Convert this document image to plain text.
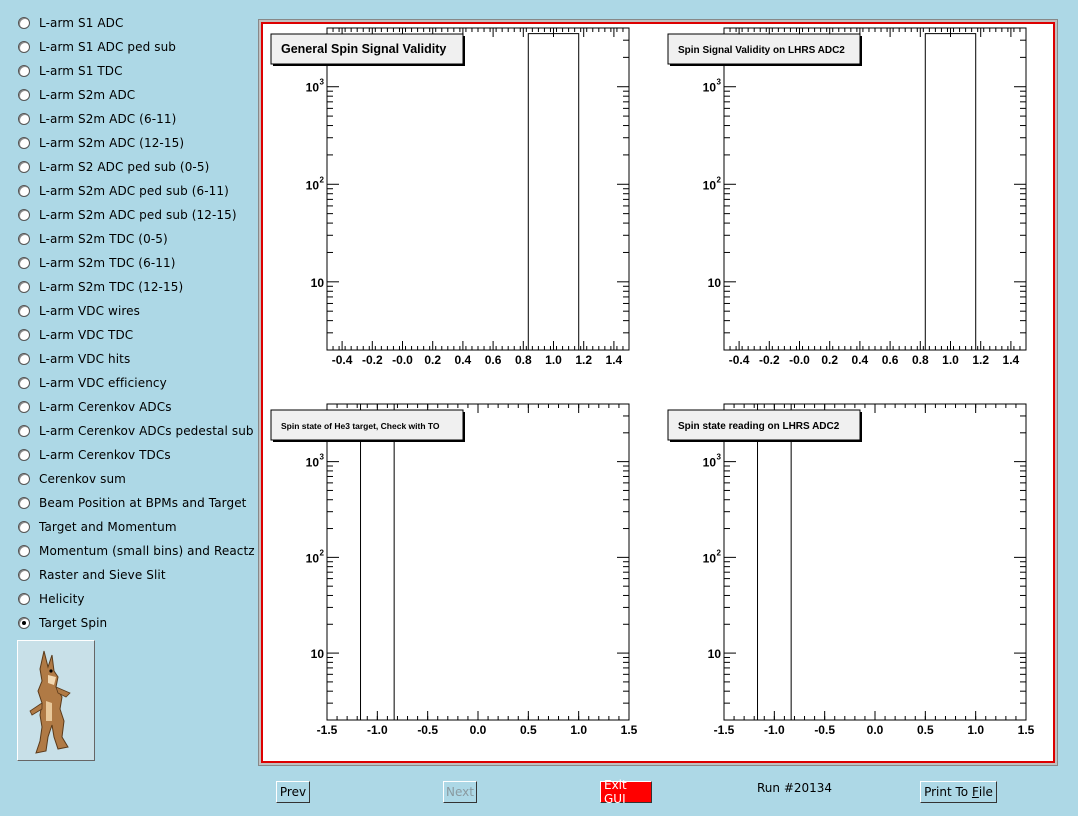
L-arm S1 ADC
L-arm S1 ADC ped sub
L-arm S1 TDC
L-arm S2m ADC
L-arm S2m ADC (6-11)
L-arm S2m ADC (12-15)
L-arm S2 ADC ped sub (0-5)
L-arm S2m ADC ped sub (6-11)
L-arm S2m ADC ped sub (12-15)
L-arm S2m TDC (0-5)
L-arm S2m TDC (6-11)
L-arm S2m TDC (12-15)
L-arm VDC wires
L-arm VDC TDC
L-arm VDC hits
L-arm VDC efficiency
L-arm Cerenkov ADCs
L-arm Cerenkov ADCs pedestal sub
L-arm Cerenkov TDCs
Cerenkov sum
Beam Position at BPMs and Target
Target and Momentum
Momentum (small bins) and Reactz
Raster and Sieve Slit
Helicity
Target Spin
-0.4 -0.2 -0.0 0.2 0.4 0.6 0.8 1.0 1.2 1.4
10
10 2
10 3
General Spin Signal Validity
-0.4 -0.2 -0.0 0.2 0.4 0.6 0.8 1.0 1.2 1.4
10
10 2
10 3
Spin Signal Validity on LHRS ADC2
-1.5 -1.0 -0.5	0.0	0.5	1.0	1.5
10
10 2
10 3
Spin state of He3 target, Check with TO
-1.5 -1.0 -0.5	0.0	0.5	1.0	1.5
10
10 2
10 3
Spin state reading on LHRS ADC2
Prev	Next	Exit GUI
Run #20134	Print To F ile
